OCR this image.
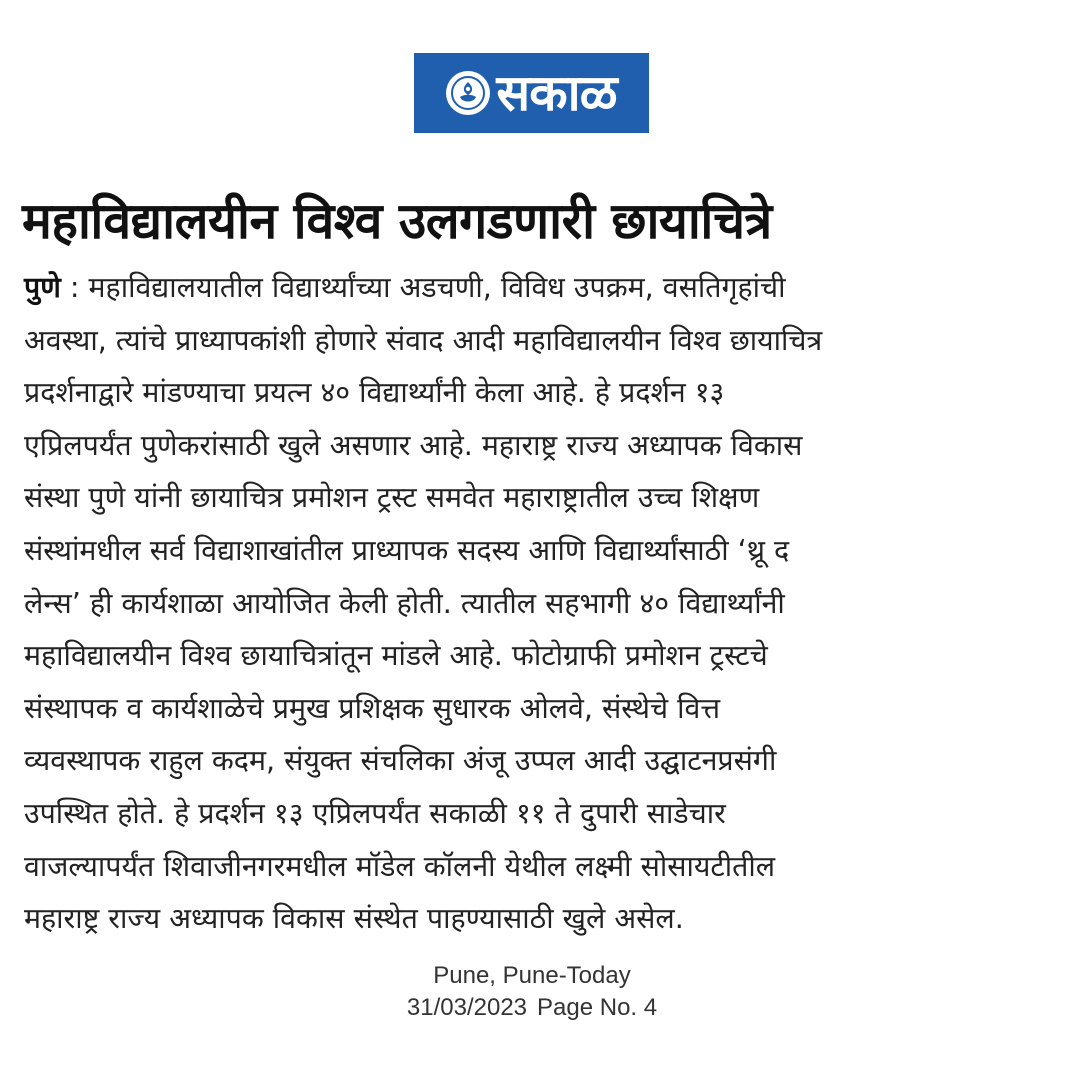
सकाळ
महाविद्यालयीन विश्व उलगडणारी छायाचित्रे
पुणे : महाविद्यालयातील विद्यार्थ्यांच्या अडचणी, विविध उपक्रम, वसतिगृहांची
अवस्था, त्यांचे प्राध्यापकांशी होणारे संवाद आदी महाविद्यालयीन विश्व छायाचित्र
प्रदर्शनाद्वारे मांडण्याचा प्रयत्न ४० विद्यार्थ्यांनी केला आहे. हे प्रदर्शन १३
एप्रिलपर्यंत पुणेकरांसाठी खुले असणार आहे. महाराष्ट्र राज्य अध्यापक विकास
संस्था पुणे यांनी छायाचित्र प्रमोशन ट्रस्ट समवेत महाराष्ट्रातील उच्च शिक्षण
संस्थांमधील सर्व विद्याशाखांतील प्राध्यापक सदस्य आणि विद्यार्थ्यांसाठी ‘थ्रू द
लेन्स’ ही कार्यशाळा आयोजित केली होती. त्यातील सहभागी ४० विद्यार्थ्यांनी
महाविद्यालयीन विश्व छायाचित्रांतून मांडले आहे. फोटोग्राफी प्रमोशन ट्रस्टचे
संस्थापक व कार्यशाळेचे प्रमुख प्रशिक्षक सुधारक ओलवे, संस्थेचे वित्त
व्यवस्थापक राहुल कदम, संयुक्त संचलिका अंजू उप्पल आदी उद्घाटनप्रसंगी
उपस्थित होते. हे प्रदर्शन १३ एप्रिलपर्यंत सकाळी ११ ते दुपारी साडेचार
वाजल्यापर्यंत शिवाजीनगरमधील मॉडेल कॉलनी येथील लक्ष्मी सोसायटीतील
महाराष्ट्र राज्य अध्यापक विकास संस्थेत पाहण्यासाठी खुले असेल.
Pune, Pune-Today
31/03/2023 Page No. 4
